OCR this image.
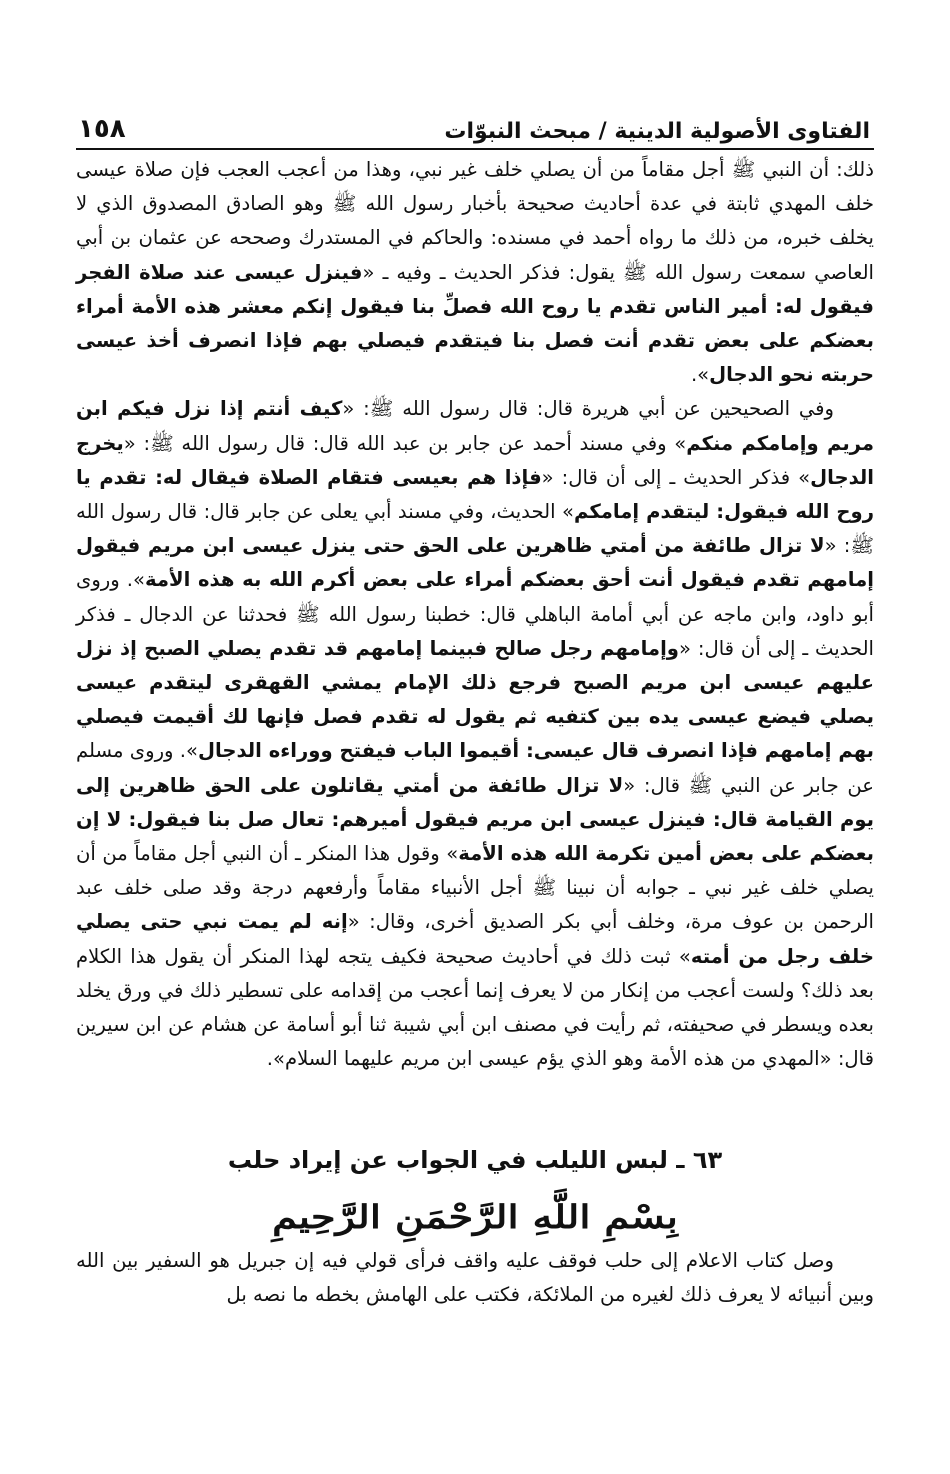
الفتاوى الأصولية الدينية / مبحث النبوّات
١٥٨

ذلك: أن النبي ﷺ أجل مقاماً من أن يصلي خلف غير نبي، وهذا من أعجب العجب فإن صلاة عيسى خلف المهدي ثابتة في عدة أحاديث صحيحة بأخبار رسول الله ﷺ وهو الصادق المصدوق الذي لا يخلف خبره، من ذلك ما رواه أحمد في مسنده: والحاكم في المستدرك وصححه عن عثمان بن أبي العاصي سمعت رسول الله ﷺ يقول: فذكر الحديث ـ وفيه ـ «فينزل عيسى عند صلاة الفجر فيقول له: أمير الناس تقدم يا روح الله فصلِّ بنا فيقول إنكم معشر هذه الأمة أمراء بعضكم على بعض تقدم أنت فصل بنا فيتقدم فيصلي بهم فإذا انصرف أخذ عيسى حربته نحو الدجال».

وفي الصحيحين عن أبي هريرة قال: قال رسول الله ﷺ: «كيف أنتم إذا نزل فيكم ابن مريم وإمامكم منكم» وفي مسند أحمد عن جابر بن عبد الله قال: قال رسول الله ﷺ: «يخرج الدجال» فذكر الحديث ـ إلى أن قال: «فإذا هم بعيسى فتقام الصلاة فيقال له: تقدم يا روح الله فيقول: ليتقدم إمامكم» الحديث، وفي مسند أبي يعلى عن جابر قال: قال رسول الله ﷺ: «لا تزال طائفة من أمتي ظاهرين على الحق حتى ينزل عيسى ابن مريم فيقول إمامهم تقدم فيقول أنت أحق بعضكم أمراء على بعض أكرم الله به هذه الأمة». وروى أبو داود، وابن ماجه عن أبي أمامة الباهلي قال: خطبنا رسول الله ﷺ فحدثنا عن الدجال ـ فذكر الحديث ـ إلى أن قال: «وإمامهم رجل صالح فبينما إمامهم قد تقدم يصلي الصبح إذ نزل عليهم عيسى ابن مريم الصبح فرجع ذلك الإمام يمشي القهقرى ليتقدم عيسى يصلي فيضع عيسى يده بين كتفيه ثم يقول له تقدم فصل فإنها لك أقيمت فيصلي بهم إمامهم فإذا انصرف قال عيسى: أقيموا الباب فيفتح ووراءه الدجال». وروى مسلم عن جابر عن النبي ﷺ قال: «لا تزال طائفة من أمتي يقاتلون على الحق ظاهرين إلى يوم القيامة قال: فينزل عيسى ابن مريم فيقول أميرهم: تعال صل بنا فيقول: لا إن بعضكم على بعض أمين تكرمة الله هذه الأمة» وقول هذا المنكر ـ أن النبي أجل مقاماً من أن يصلي خلف غير نبي ـ جوابه أن نبينا ﷺ أجل الأنبياء مقاماً وأرفعهم درجة وقد صلى خلف عبد الرحمن بن عوف مرة، وخلف أبي بكر الصديق أخرى، وقال: «إنه لم يمت نبي حتى يصلي خلف رجل من أمته» ثبت ذلك في أحاديث صحيحة فكيف يتجه لهذا المنكر أن يقول هذا الكلام بعد ذلك؟ ولست أعجب من إنكار من لا يعرف إنما أعجب من إقدامه على تسطير ذلك في ورق يخلد بعده ويسطر في صحيفته، ثم رأيت في مصنف ابن أبي شيبة ثنا أبو أسامة عن هشام عن ابن سيرين قال: «المهدي من هذه الأمة وهو الذي يؤم عيسى ابن مريم عليهما السلام».

٦٣ ـ لبس الليلب في الجواب عن إيراد حلب
بِسْمِ اللَّهِ الرَّحْمَنِ الرَّحِيمِ

وصل كتاب الاعلام إلى حلب فوقف عليه واقف فرأى قولي فيه إن جبريل هو السفير بين الله وبين أنبيائه لا يعرف ذلك لغيره من الملائكة، فكتب على الهامش بخطه ما نصه بل
